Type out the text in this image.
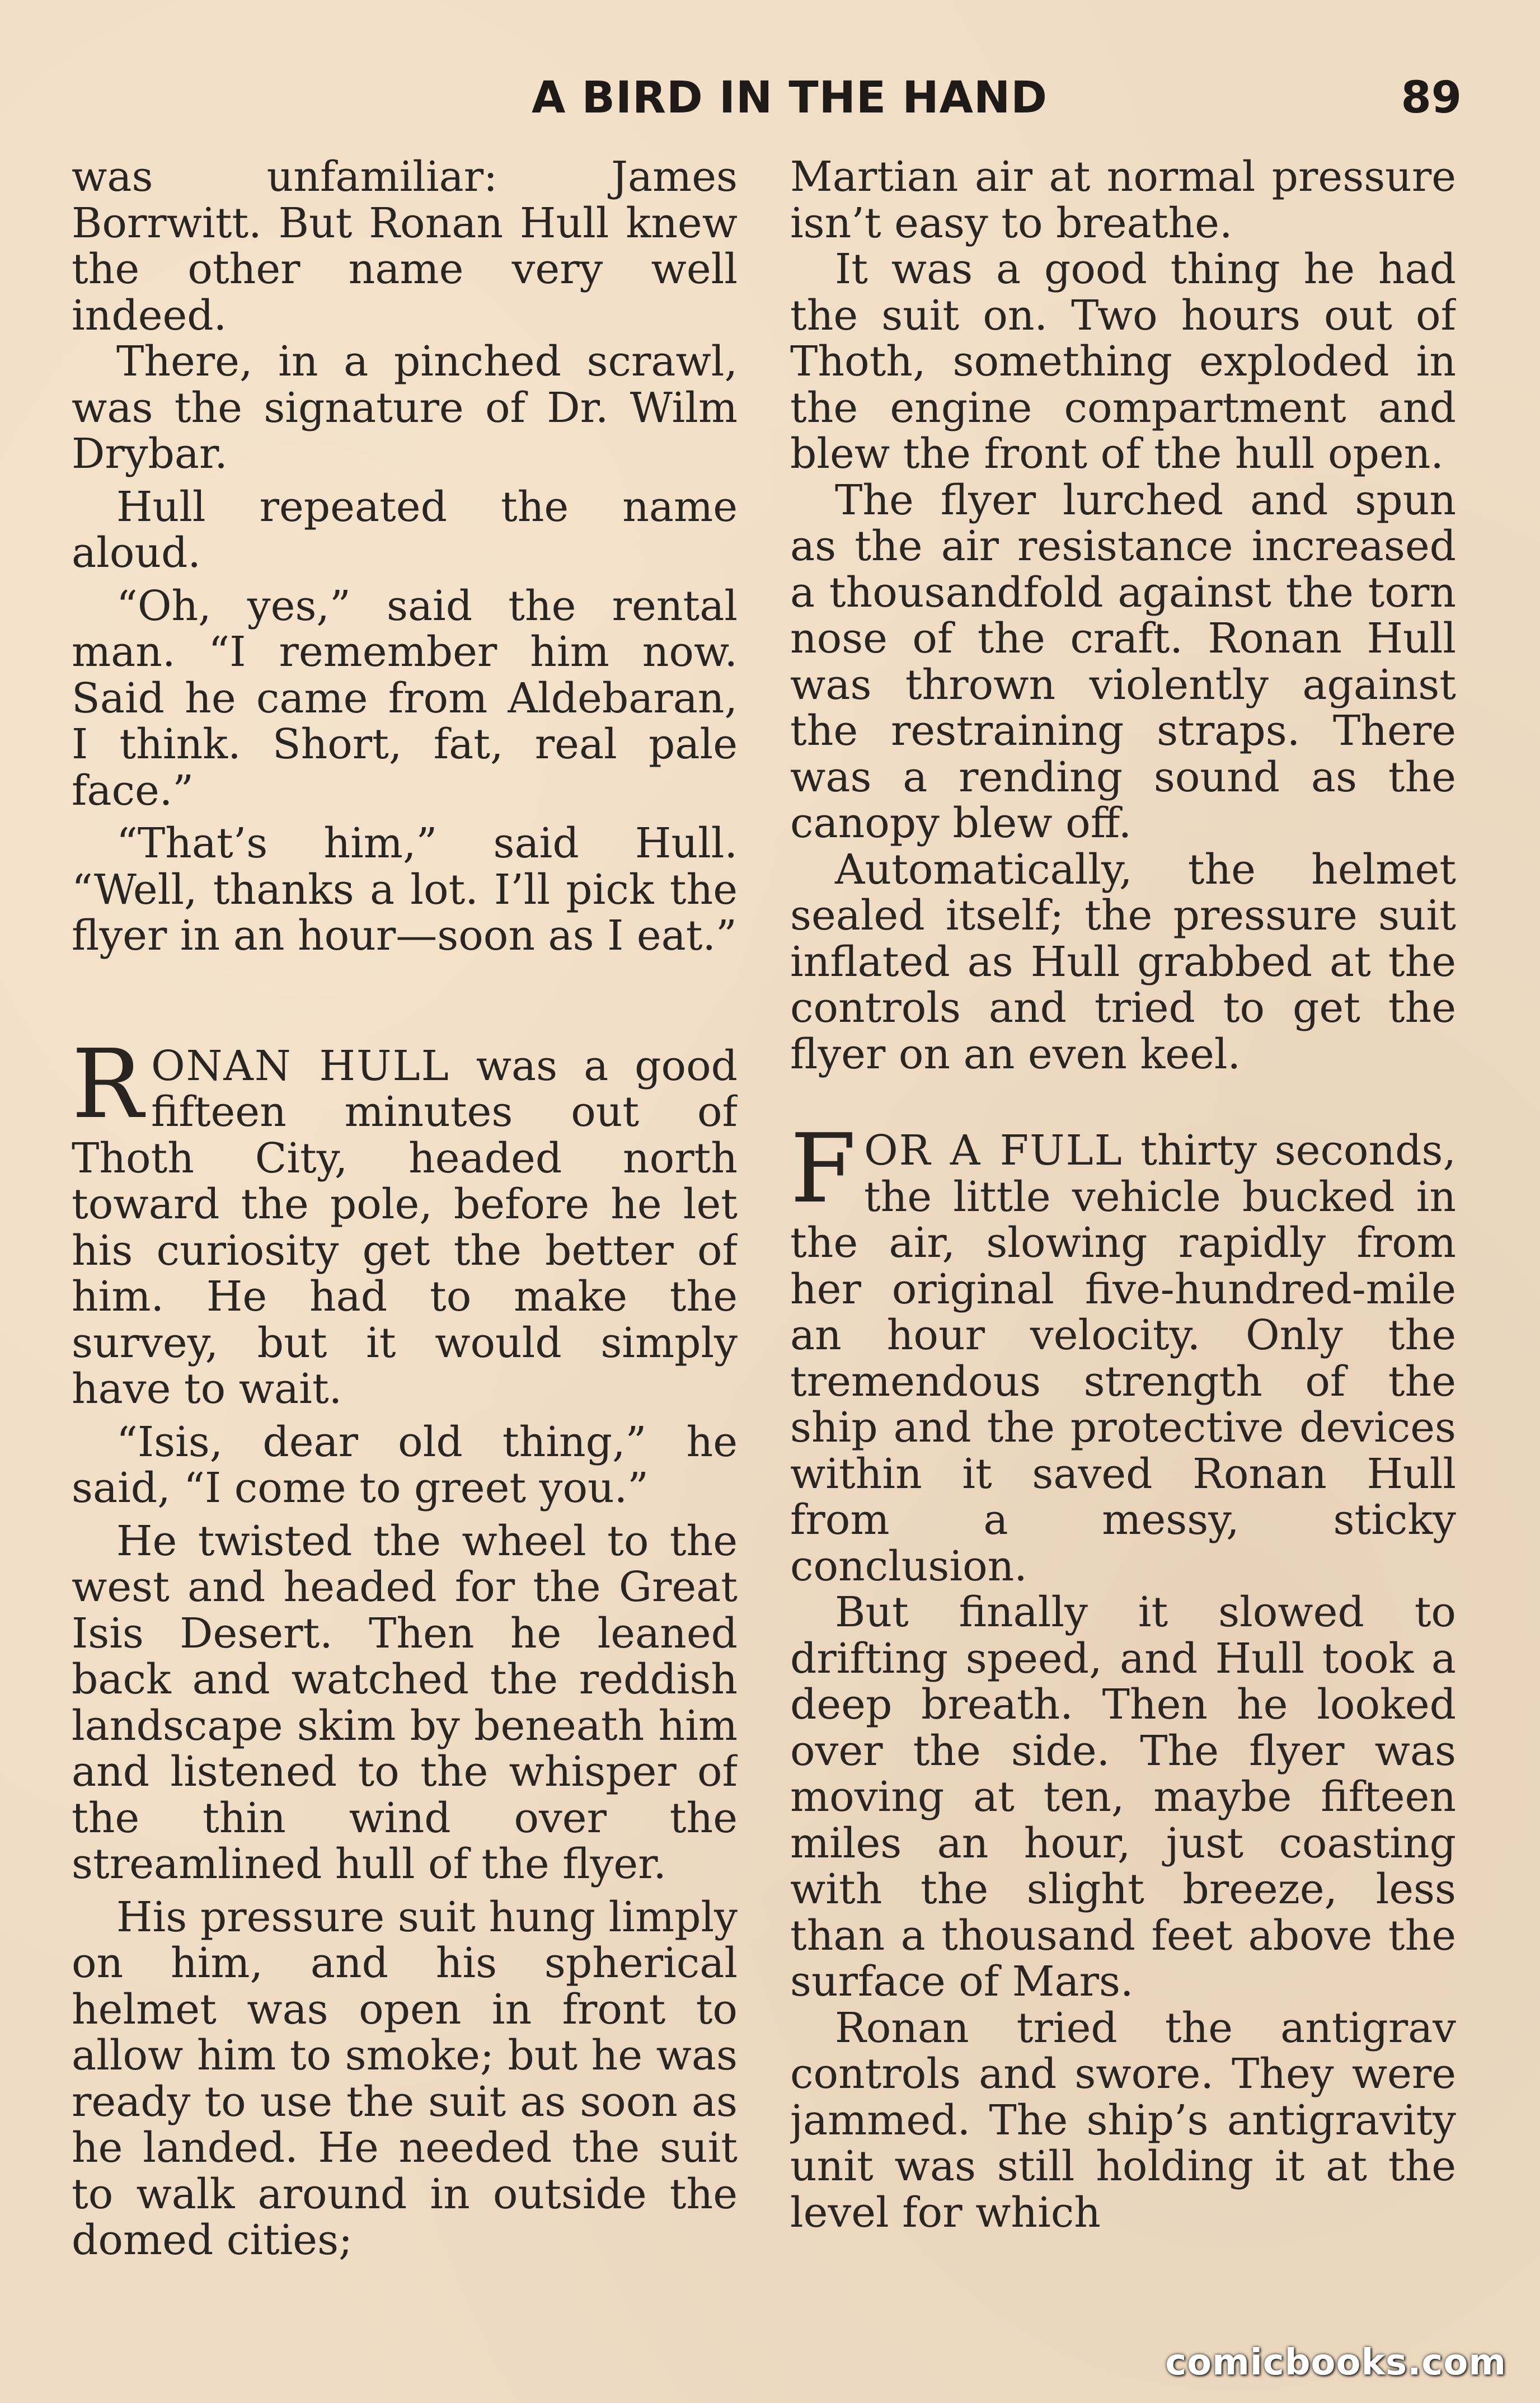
A BIRD IN THE HAND	89

was unfamiliar: James Borrwitt. But Ronan Hull knew the other name very well indeed.

There, in a pinched scrawl, was the signature of Dr. Wilm Drybar.

Hull repeated the name aloud.

“Oh, yes,” said the rental man. “I remember him now. Said he came from Aldebaran, I think. Short, fat, real pale face.”

“That’s him,” said Hull. “Well, thanks a lot. I’ll pick the flyer in an hour—soon as I eat.”

RONAN HULL was a good fifteen minutes out of Thoth City, headed north toward the pole, before he let his curiosity get the better of him. He had to make the survey, but it would simply have to wait.

“Isis, dear old thing,” he said, “I come to greet you.”

He twisted the wheel to the west and headed for the Great Isis Desert. Then he leaned back and watched the reddish landscape skim by beneath him and listened to the whisper of the thin wind over the streamlined hull of the flyer.

His pressure suit hung limply on him, and his spherical helmet was open in front to allow him to smoke; but he was ready to use the suit as soon as he landed. He needed the suit to walk around in outside the domed cities;

Martian air at normal pressure isn’t easy to breathe.

It was a good thing he had the suit on. Two hours out of Thoth, something exploded in the engine compartment and blew the front of the hull open.

The flyer lurched and spun as the air resistance increased a thousandfold against the torn nose of the craft. Ronan Hull was thrown violently against the restraining straps. There was a rending sound as the canopy blew off.

Automatically, the helmet sealed itself; the pressure suit inflated as Hull grabbed at the controls and tried to get the flyer on an even keel.

FOR A FULL thirty seconds, the little vehicle bucked in the air, slowing rapidly from her original five-hundred-mile an hour velocity. Only the tremendous strength of the ship and the protective devices within it saved Ronan Hull from a messy, sticky conclusion.

But finally it slowed to drifting speed, and Hull took a deep breath. Then he looked over the side. The flyer was moving at ten, maybe fifteen miles an hour, just coasting with the slight breeze, less than a thousand feet above the surface of Mars.

Ronan tried the antigrav controls and swore. They were jammed. The ship’s antigravity unit was still holding it at the level for which

comicbooks.com
